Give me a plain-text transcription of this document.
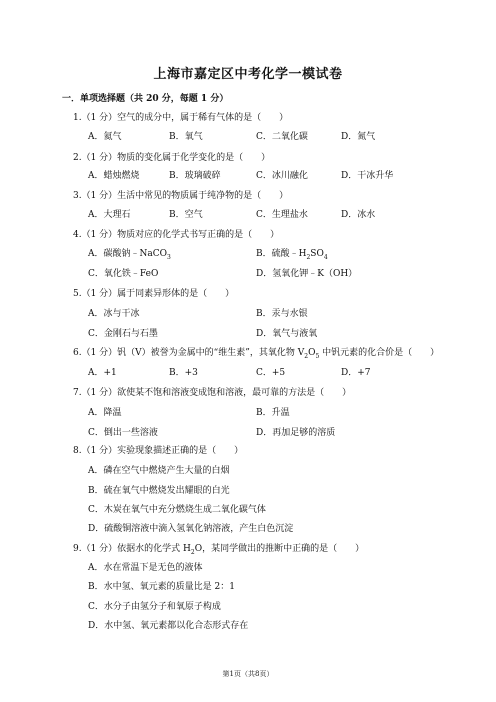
上海市嘉定区中考化学一模试卷
一．单项选择题（共 20 分，每题 1 分）
1.（1 分）空气的成分中，属于稀有气体的是（　　）
A．氦气	B．氧气	C．二氧化碳	D．氮气
2.（1 分）物质的变化属于化学变化的是（　　）
A．蜡烛燃烧	B．玻璃破碎	C．冰川融化	D．干冰升华
3.（1 分）生活中常见的物质属于纯净物的是（　　）
A．大理石	B．空气	C．生理盐水	D．冰水
4.（1 分）物质对应的化学式书写正确的是（　　）
A．碳酸钠﹣NaCO$_3$	B．硫酸$﹣H_2SO_4$
C．氧化铁﹣FeO	D．氢氧化钾﹣K（OH）
5.（1 分）属于同素异形体的是（　　）
A．冰与干冰	B．汞与水银
C．金刚石与石墨	D．氧气与液氧
6.（1 分）钒（V）被誉为金属中的“维生素”，其氧化物 $V_2O_5$ 中钒元素的化合价是（　　）
A．+1	B．+3	C．+5	D．+7
7.（1 分）欲使某不饱和溶液变成饱和溶液，最可靠的方法是（　　）
A．降温	B．升温
C．倒出一些溶液	D．再加足够的溶质
8.（1 分）实验现象描述正确的是（　　）
A．磷在空气中燃烧产生大量的白烟
B．硫在氧气中燃烧发出耀眼的白光
C．木炭在氧气中充分燃烧生成二氧化碳气体
D．硫酸铜溶液中滴入氢氧化钠溶液，产生白色沉淀
9.（1 分）依据水的化学式 $H_2O$，某同学做出的推断中正确的是（　　）
A．水在常温下是无色的液体
B．水中氢、氧元素的质量比是 2：1
C．水分子由氢分子和氧原子构成
D．水中氢、氧元素都以化合态形式存在
第1页（共8页）
